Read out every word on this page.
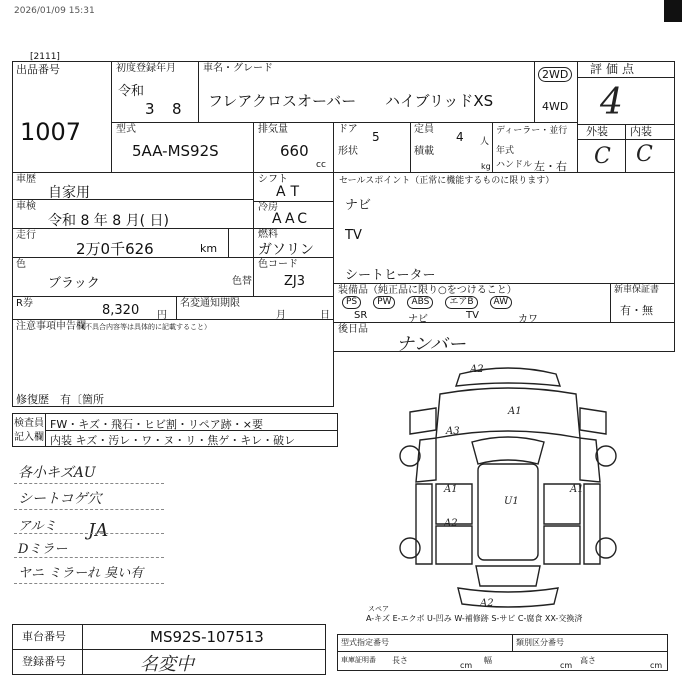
2026/01/09 15:31
[2111]
出品番号
1007
初度登録年月
令和
3 8
車名・グレード
フレアクロスオーバー ハイブリッドXS
2WD
4WD
評価点
4
外装 内装
C C
型式
5AA-MS92S
排気量
660
cc
ドア
5
形状
定員
4 人
積載
kg
ディーラー・並行
年式
ハンドル 左・右
車歴
自家用
車検
令和 8 年 8 月( 日)
走行
2万0千626	km
シフト
AT
冷房
AAC
燃料
ガソリン
色
ブラック	色替
色コード
ZJ3
R券	8,320 円
名変通知期限
月	日
注意事項申告欄
（不具合内容等は具体的に記載すること）
修復歴 有〔箇所
セールスポイント（正常に機能するものに限ります）
ナビ
TV
シートヒーター
装備品（純正品に限り○をつけること）
PS PW ABS エアB AW
SR	ナビ	TV	カワ
新車保証書
有・無
後日品
ナンバー
検査員
記入欄
FW・キズ・飛石・ヒビ割・リペア跡・×要
内装 キズ・汚レ・ワ・ヌ・リ・焦ゲ・キレ・破レ
各小キズAU
シートコゲ穴
アルミ
Dミラー
JA
ヤニ ミラーれ 臭い有
A2
A1
A3
A1
U1
A1
A2
A2
スペア
A-キズ E-エクボ U-凹み W-補修跡 S-サビ C-腐食 XX-交換済
車台番号	MS92S-107513
登録番号	名変中
型式指定番号	類別区分番号
車庫証明番 長さ
cm
幅
cm
高さ
cm
